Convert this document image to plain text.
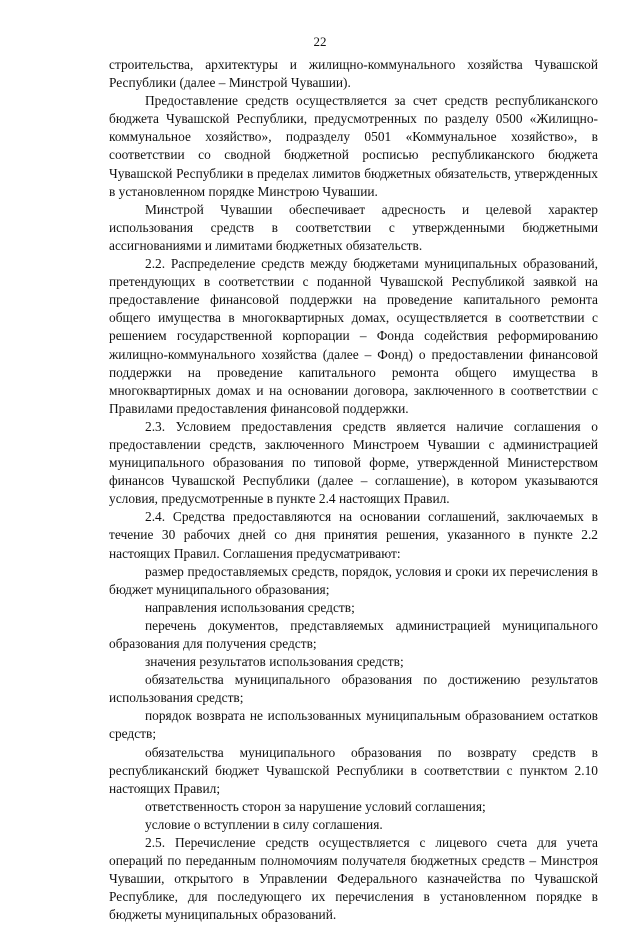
22

строительства, архитектуры и жилищно-коммунального хозяйства Чувашской Республики (далее – Минстрой Чувашии).

Предоставление средств осуществляется за счет средств республиканского бюджета Чувашской Республики, предусмотренных по разделу 0500 «Жилищно-коммунальное хозяйство», подразделу 0501 «Коммунальное хозяйство», в соответствии со сводной бюджетной росписью республиканского бюджета Чувашской Республики в пределах лимитов бюджетных обязательств, утвержденных в установленном порядке Минстрою Чувашии.

Минстрой Чувашии обеспечивает адресность и целевой характер использования средств в соответствии с утвержденными бюджетными ассигнованиями и лимитами бюджетных обязательств.

2.2. Распределение средств между бюджетами муниципальных образований, претендующих в соответствии с поданной Чувашской Республикой заявкой на предоставление финансовой поддержки на проведение капитального ремонта общего имущества в многоквартирных домах, осуществляется в соответствии с решением государственной корпорации – Фонда содействия реформированию жилищно-коммунального хозяйства (далее – Фонд) о предоставлении финансовой поддержки на проведение капитального ремонта общего имущества в многоквартирных домах и на основании договора, заключенного в соответствии с Правилами предоставления финансовой поддержки.

2.3. Условием предоставления средств является наличие соглашения о предоставлении средств, заключенного Минстроем Чувашии с администрацией муниципального образования по типовой форме, утвержденной Министерством финансов Чувашской Республики (далее – соглашение), в котором указываются условия, предусмотренные в пункте 2.4 настоящих Правил.

2.4. Средства предоставляются на основании соглашений, заключаемых в течение 30 рабочих дней со дня принятия решения, указанного в пункте 2.2 настоящих Правил. Соглашения предусматривают:

размер предоставляемых средств, порядок, условия и сроки их перечисления в бюджет муниципального образования;

направления использования средств;

перечень документов, представляемых администрацией муниципального образования для получения средств;

значения результатов использования средств;

обязательства муниципального образования по достижению результатов использования средств;

порядок возврата не использованных муниципальным образованием остатков средств;

обязательства муниципального образования по возврату средств в республиканский бюджет Чувашской Республики в соответствии с пунктом 2.10 настоящих Правил;

ответственность сторон за нарушение условий соглашения;

условие о вступлении в силу соглашения.

2.5. Перечисление средств осуществляется с лицевого счета для учета операций по переданным полномочиям получателя бюджетных средств – Минстроя Чувашии, открытого в Управлении Федерального казначейства по Чувашской Республике, для последующего их перечисления в установленном порядке в бюджеты муниципальных образований.
